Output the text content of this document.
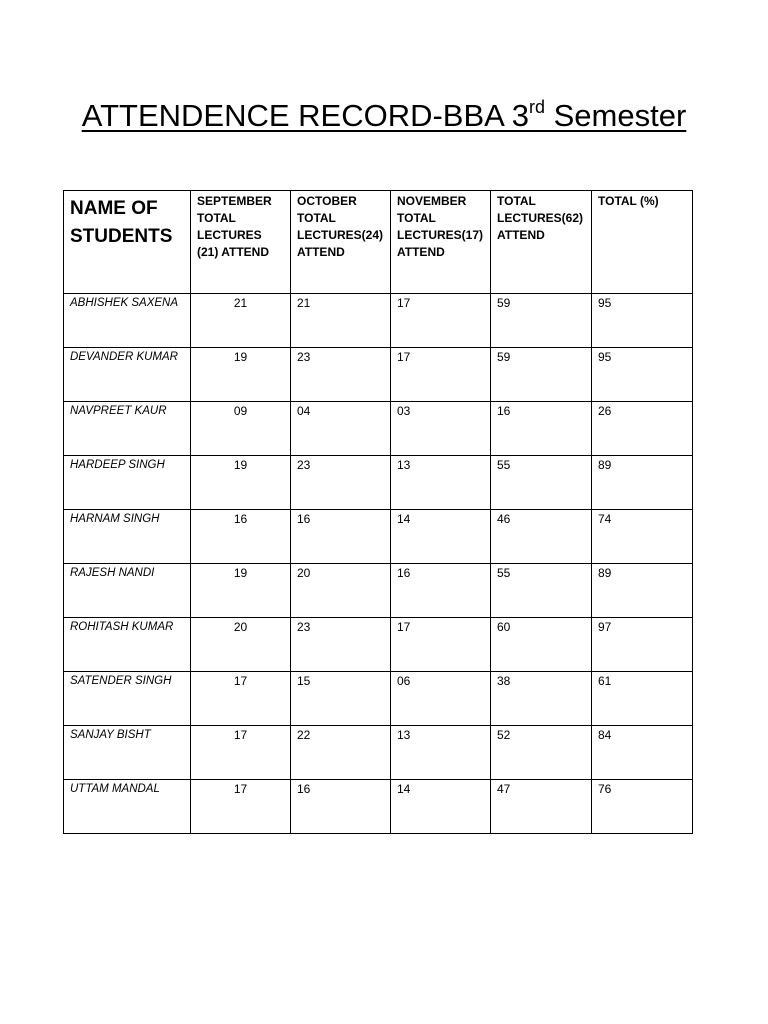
ATTENDENCE RECORD-BBA 3rd Semester
NAME OF STUDENTS	SEPTEMBER TOTAL LECTURES (21) ATTEND	OCTOBER TOTAL LECTURES(24) ATTEND	NOVEMBER TOTAL LECTURES(17) ATTEND	TOTAL LECTURES(62) ATTEND	TOTAL (%)
ABHISHEK SAXENA	21	21	17	59	95
DEVANDER KUMAR	19	23	17	59	95
NAVPREET KAUR	09	04	03	16	26
HARDEEP SINGH	19	23	13	55	89
HARNAM SINGH	16	16	14	46	74
RAJESH NANDI	19	20	16	55	89
ROHITASH KUMAR	20	23	17	60	97
SATENDER SINGH	17	15	06	38	61
SANJAY BISHT	17	22	13	52	84
UTTAM MANDAL	17	16	14	47	76
